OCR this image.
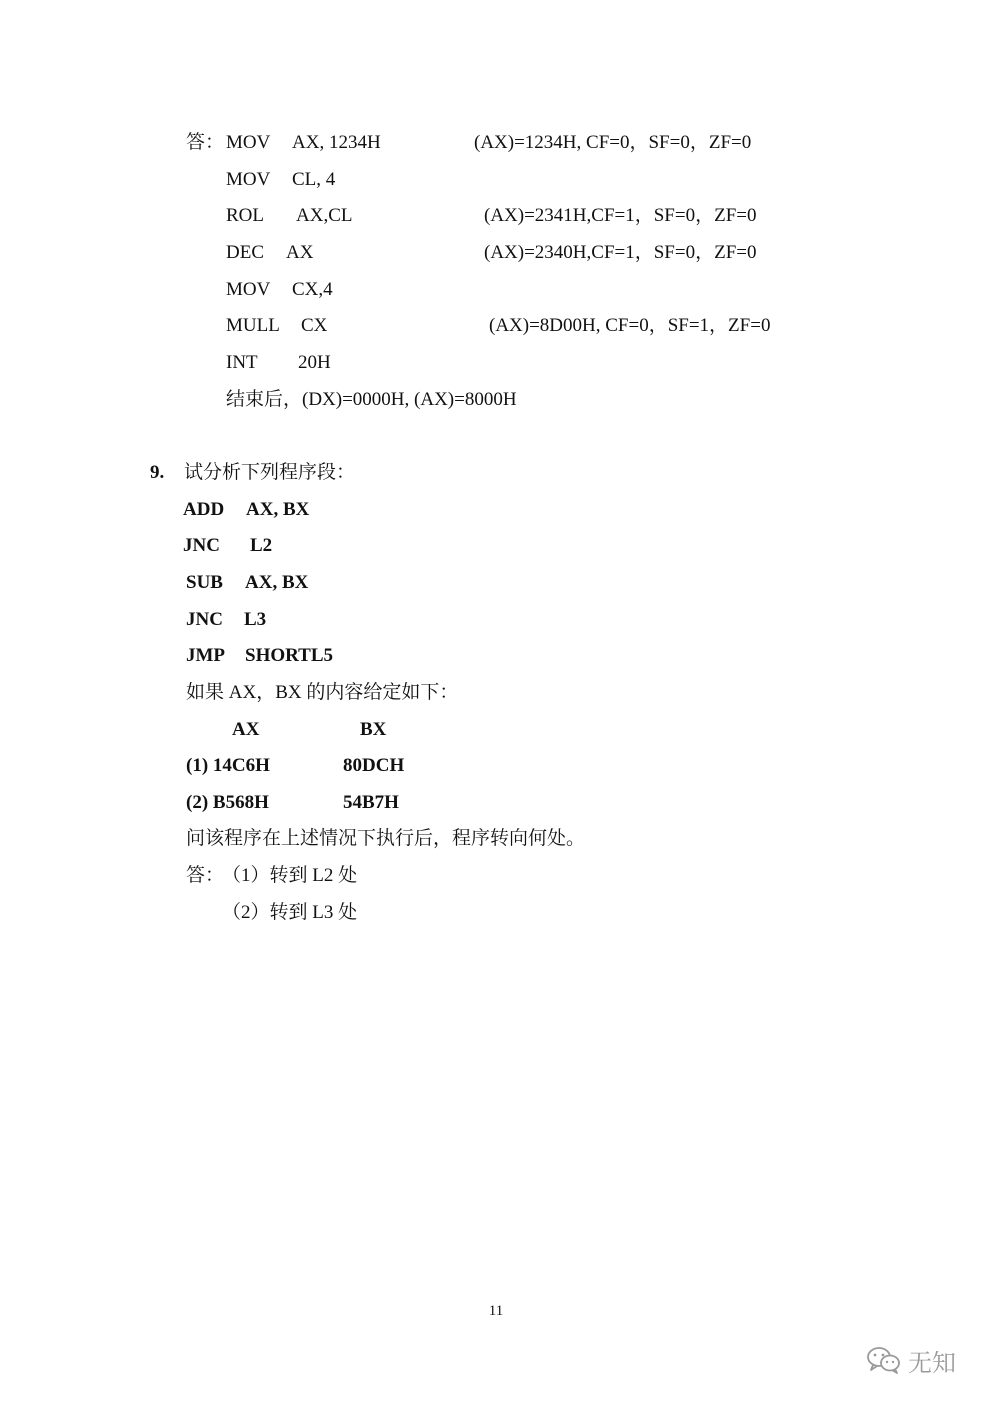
答： MOV AX, 1234H	(AX)=1234H, CF=0，SF=0，ZF=0
MOV CL, 4
ROL AX,CL	(AX)=2341H,CF=1，SF=0，ZF=0
DEC AX	(AX)=2340H,CF=1，SF=0，ZF=0
MOV CX,4
MULL CX	(AX)=8D00H, CF=0，SF=1，ZF=0
INT 20H
结束后，(DX)=0000H, (AX)=8000H
9. 试分析下列程序段：
ADD AX, BX
JNC L2
SUB AX, BX
JNC L3
JMP SHORTL5
如果 AX，BX 的内容给定如下：
AX	BX
(1) 14C6H	80DCH
(2) B568H	54B7H
问该程序在上述情况下执行后，程序转向何处。
答：
（1）转到 L2 处
（2）转到 L3 处
11
无知
